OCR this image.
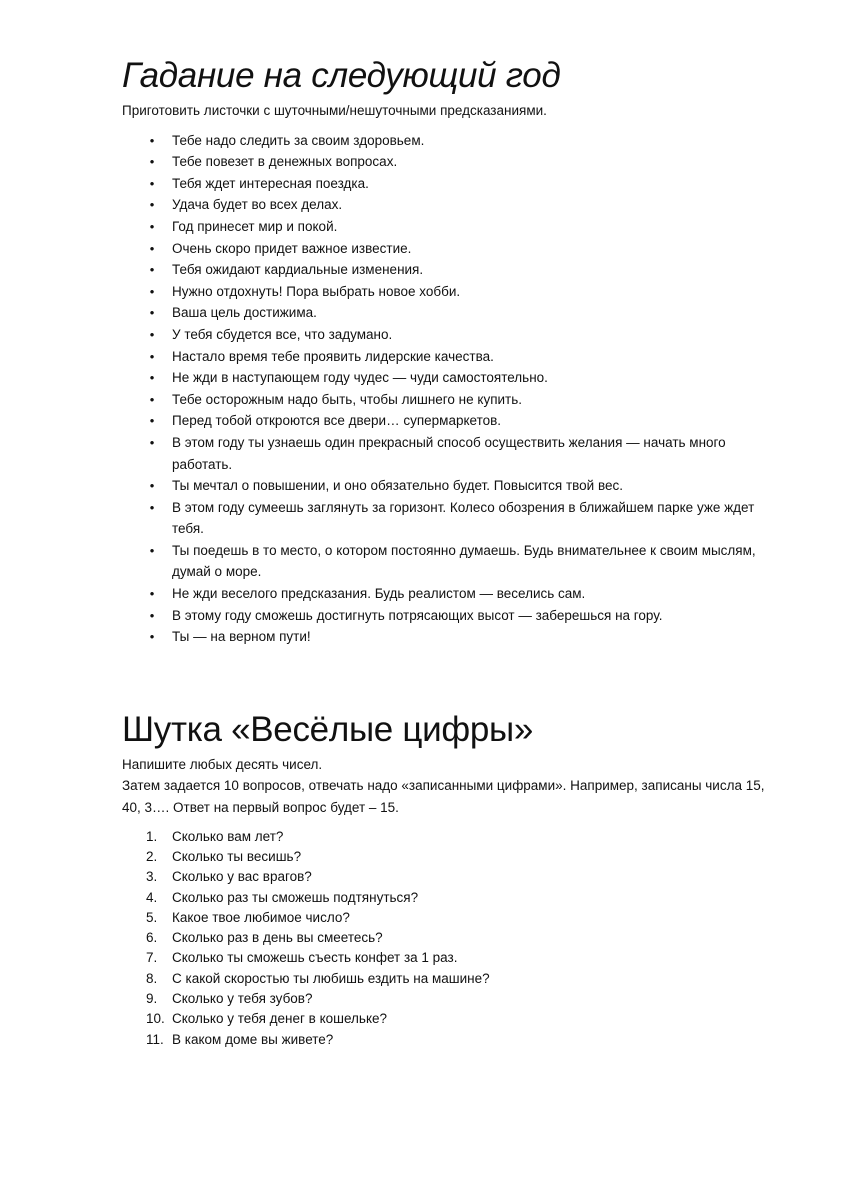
Гадание на следующий год

Приготовить листочки с шуточными/нешуточными предсказаниями.

• Тебе надо следить за своим здоровьем.
• Тебе повезет в денежных вопросах.
• Тебя ждет интересная поездка.
• Удача будет во всех делах.
• Год принесет мир и покой.
• Очень скоро придет важное известие.
• Тебя ожидают кардиальные изменения.
• Нужно отдохнуть! Пора выбрать новое хобби.
• Ваша цель достижима.
• У тебя сбудется все, что задумано.
• Настало время тебе проявить лидерские качества.
• Не жди в наступающем году чудес — чуди самостоятельно.
• Тебе осторожным надо быть, чтобы лишнего не купить.
• Перед тобой откроются все двери… супермаркетов.
• В этом году ты узнаешь один прекрасный способ осуществить желания — начать много работать.
• Ты мечтал о повышении, и оно обязательно будет. Повысится твой вес.
• В этом году сумеешь заглянуть за горизонт. Колесо обозрения в ближайшем парке уже ждет тебя.
• Ты поедешь в то место, о котором постоянно думаешь. Будь внимательнее к своим мыслям, думай о море.
• Не жди веселого предсказания. Будь реалистом — веселись сам.
• В этому году сможешь достигнуть потрясающих высот — заберешься на гору.
• Ты — на верном пути!
Шутка «Весёлые цифры»

Напишите любых десять чисел.

Затем задается 10 вопросов, отвечать надо «записанными цифрами». Например, записаны числа 15, 40, 3…. Ответ на первый вопрос будет – 15.

1.	Сколько вам лет?
2.	Сколько ты весишь?
3.	Сколько у вас врагов?
4.	Сколько раз ты сможешь подтянуться?
5.	Какое твое любимое число?
6.	Сколько раз в день вы смеетесь?
7.	Сколько ты сможешь съесть конфет за 1 раз.
8.	С какой скоростью ты любишь ездить на машине?
9.	Сколько у тебя зубов?
10. Сколько у тебя денег в кошельке?
11. В каком доме вы живете?
